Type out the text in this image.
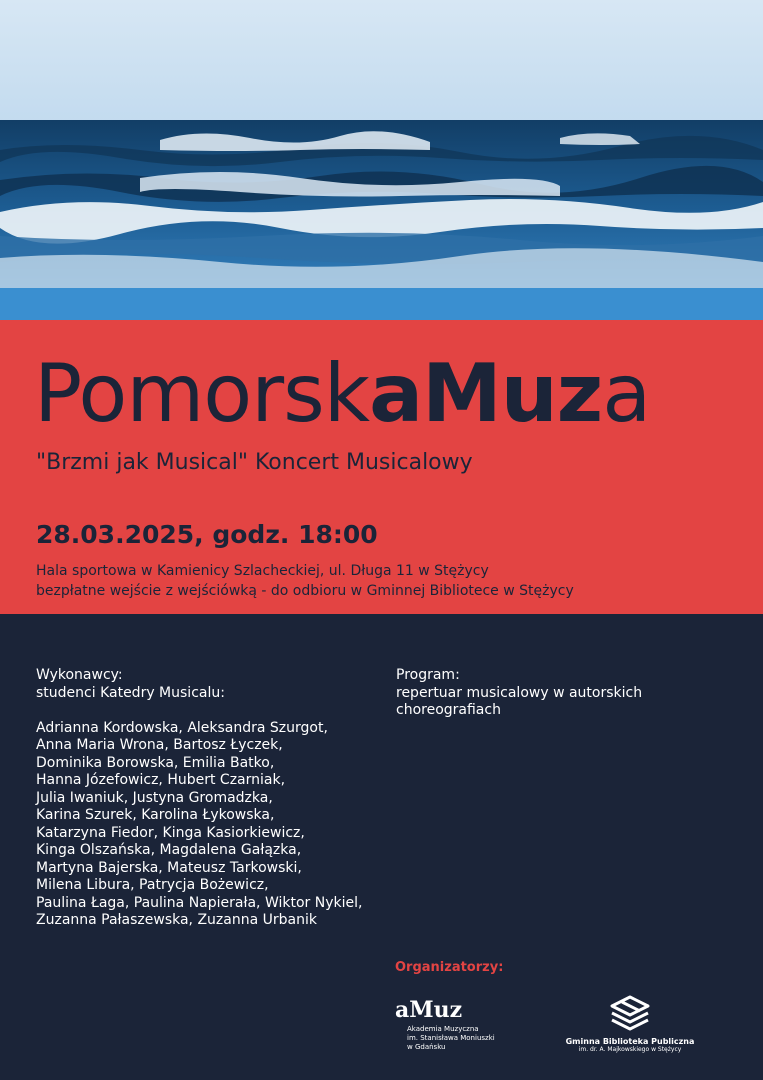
PomorskaMuza
"Brzmi jak Musical" Koncert Musicalowy
28.03.2025, godz. 18:00
Hala sportowa w Kamienicy Szlacheckiej, ul. Długa 11 w Stężycy
bezpłatne wejście z wejściówką - do odbioru w Gminnej Bibliotece w Stężycy
Wykonawcy:
studenci Katedry Musicalu:
Adrianna Kordowska, Aleksandra Szurgot,
Anna Maria Wrona, Bartosz Łyczek,
Dominika Borowska, Emilia Batko,
Hanna Józefowicz, Hubert Czarniak,
Julia Iwaniuk, Justyna Gromadzka,
Karina Szurek, Karolina Łykowska,
Katarzyna Fiedor, Kinga Kasiorkiewicz,
Kinga Olszańska, Magdalena Gałązka,
Martyna Bajerska, Mateusz Tarkowski,
Milena Libura, Patrycja Bożewicz,
Paulina Łaga, Paulina Napierała, Wiktor Nykiel,
Zuzanna Pałaszewska, Zuzanna Urbanik
Program:
repertuar musicalowy w autorskich
choreografiach
Organizatorzy:
aMuz
Akademia Muzyczna
im. Stanisława Moniuszki
w Gdańsku
Gminna Biblioteka Publiczna
im. dr. A. Majkowskiego w Stężycy
